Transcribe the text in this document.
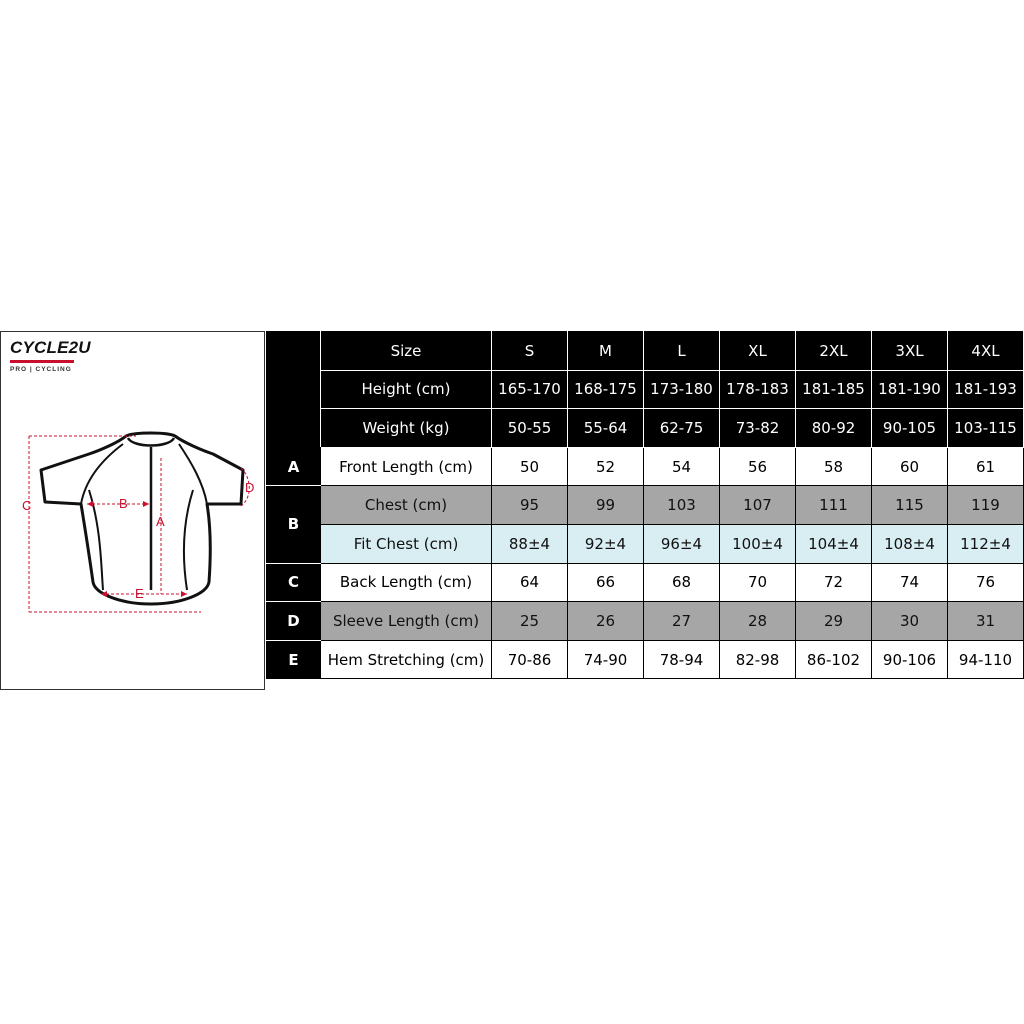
CYCLE2U
PRO | CYCLING
C	B
A
D
E
	Size	S	M	L	XL	2XL	3XL	4XL
	Height (cm)	165-170	168-175	173-180	178-183	181-185	181-190	181-193
	Weight (kg)	50-55	55-64	62-75	73-82	80-92	90-105	103-115
A	Front Length (cm)	50	52	54	56	58	60	61
B	Chest (cm)	95	99	103	107	111	115	119
	Fit Chest (cm)	88±4	92±4	96±4	100±4	104±4	108±4	112±4
C	Back Length (cm)	64	66	68	70	72	74	76
D	Sleeve Length (cm)	25	26	27	28	29	30	31
E	Hem Stretching (cm)	70-86	74-90	78-94	82-98	86-102	90-106	94-110
